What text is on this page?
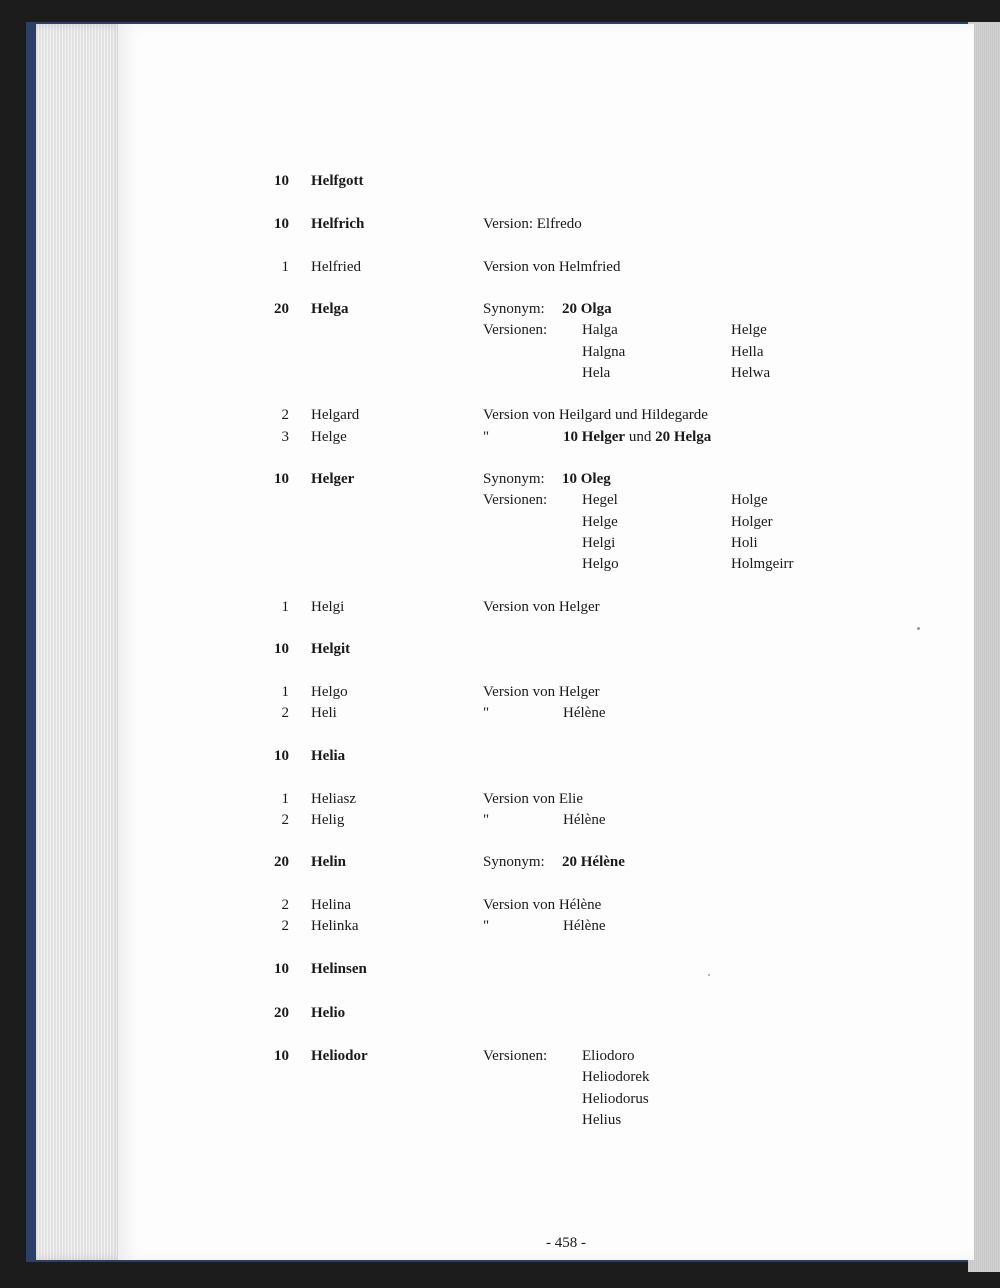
10 Helfgott
10 Helfrich	Version: Elfredo
1 Helfried	Version von Helmfried
20 Helga	Synonym: 20 Olga
Versionen: Halga	Helge
Halgna	Hella
Hela	Helwa
2 Helgard	Version von Heilgard und Hildegarde
3 Helge	"	10 Helger und 20 Helga
10 Helger	Synonym: 10 Oleg
Versionen: Hegel	Holge
Helge	Holger
Helgi	Holi
Helgo	Holmgeirr
1 Helgi	Version von Helger
10 Helgit
1 Helgo	Version von Helger
2 Heli	"	Hélène
10 Helia
1 Heliasz	Version von Elie
2 Helig	"	Hélène
20 Helin	Synonym: 20 Hélène
2 Helina	Version von Hélène
2 Helinka	"	Hélène
10 Helinsen
20 Helio
10 Heliodor	Versionen: Eliodoro
Heliodorek
Heliodorus
Helius
- 458 -
